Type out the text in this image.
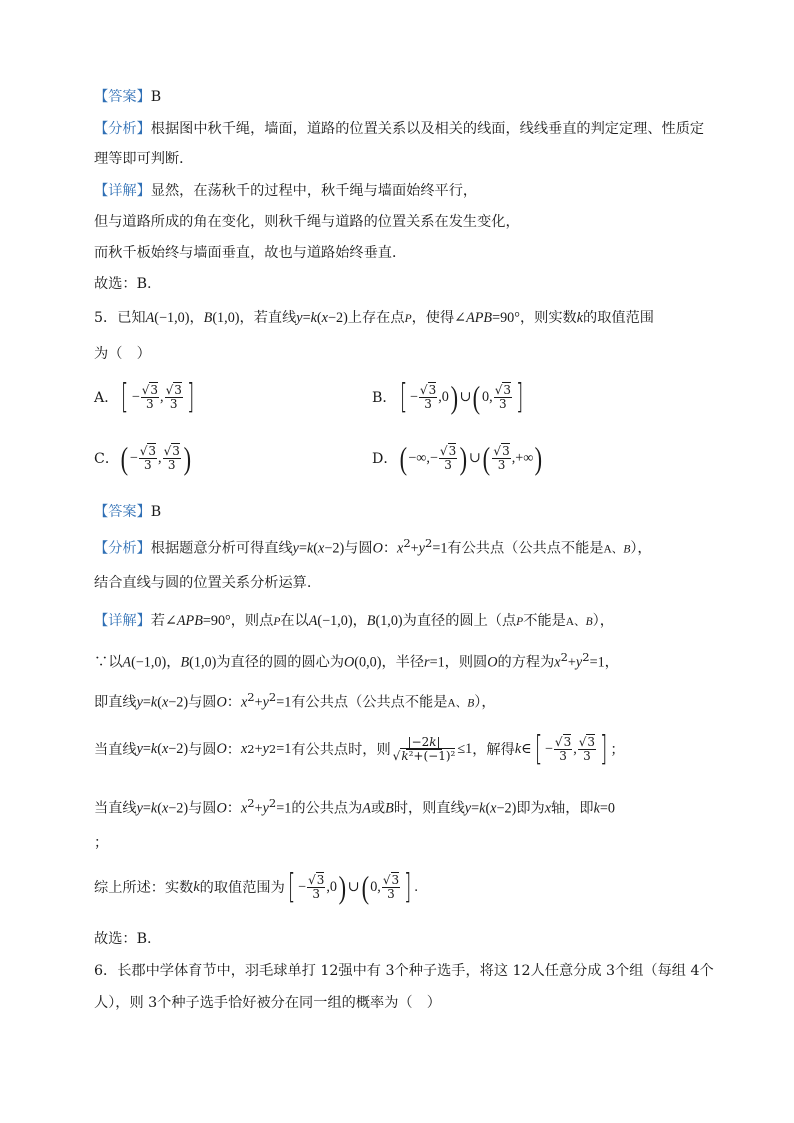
【答案】B
【分析】根据图中秋千绳，墙面，道路的位置关系以及相关的线面，线线垂直的判定定理、性质定
理等即可判断．
【详解】显然，在荡秋千的过程中，秋千绳与墙面始终平行，
但与道路所成的角在变化，则秋千绳与道路的位置关系在发生变化，
而秋千板始终与墙面垂直，故也与道路始终垂直．
故选：B.
5．已知A(−1,0)，B(1,0)，若直线y=k(x−2)上存在点P，使得∠APB=90°，则实数k的取值范围
为（　）
A． [ − $\frac{√3}{3}$ , $\frac{√3}{3}$ ]	B． [ − $\frac{√3}{3} ,0$ ) ∪ ( 0, $\frac{√3}{3}$ ]
C． ( − $\frac{√3}{3}$ , $\frac{√3}{3}$ )	D． ( −∞,− $\frac{√3}{3}$ ) ∪ ( $\frac{√3}{3}$ ,+∞ )
【答案】B
【分析】根据题意分析可得直线y=k(x−2)与圆O：$x^2+y^2=1$有公共点（公共点不能是A、B），
结合直线与圆的位置关系分析运算.
【详解】若∠APB=90°，则点P在以A(−1,0)，B(1,0)为直径的圆上（点P不能是A、B），
∵以A(−1,0)，B(1,0)为直径的圆的圆心为O(0,0)，半径r=1，则圆O的方程为$x^2+y^2=1$，
即直线y=k(x−2)与圆O：$x^2+y^2=1$有公共点（公共点不能是A、B），
当直线 y = k ( x −2) 与圆 O ： x 2 + y 2 =1 有公共点时，则 $\frac{|-2k|}{\text{√k²+(−1)²}} \le 1$ ，解得 k ∈ [ − $\frac{√3}{3}$ , $\frac{√3}{3}$ ] ；
当直线y=k(x−2)与圆O：$x^2+y^2=1$的公共点为A或B时，则直线y=k(x−2)即为x轴，即k=0
；
综上所述：实数 k 的取值范围为 [ − $\frac{√3}{3} ,0$ ) ∪ ( 0, $\frac{√3}{3}$ ] .
故选：B.
6．长郡中学体育节中，羽毛球单打 12强中有 3个种子选手，将这 12人任意分成 3个组（每组 4个
人），则 3个种子选手恰好被分在同一组的概率为（　）
